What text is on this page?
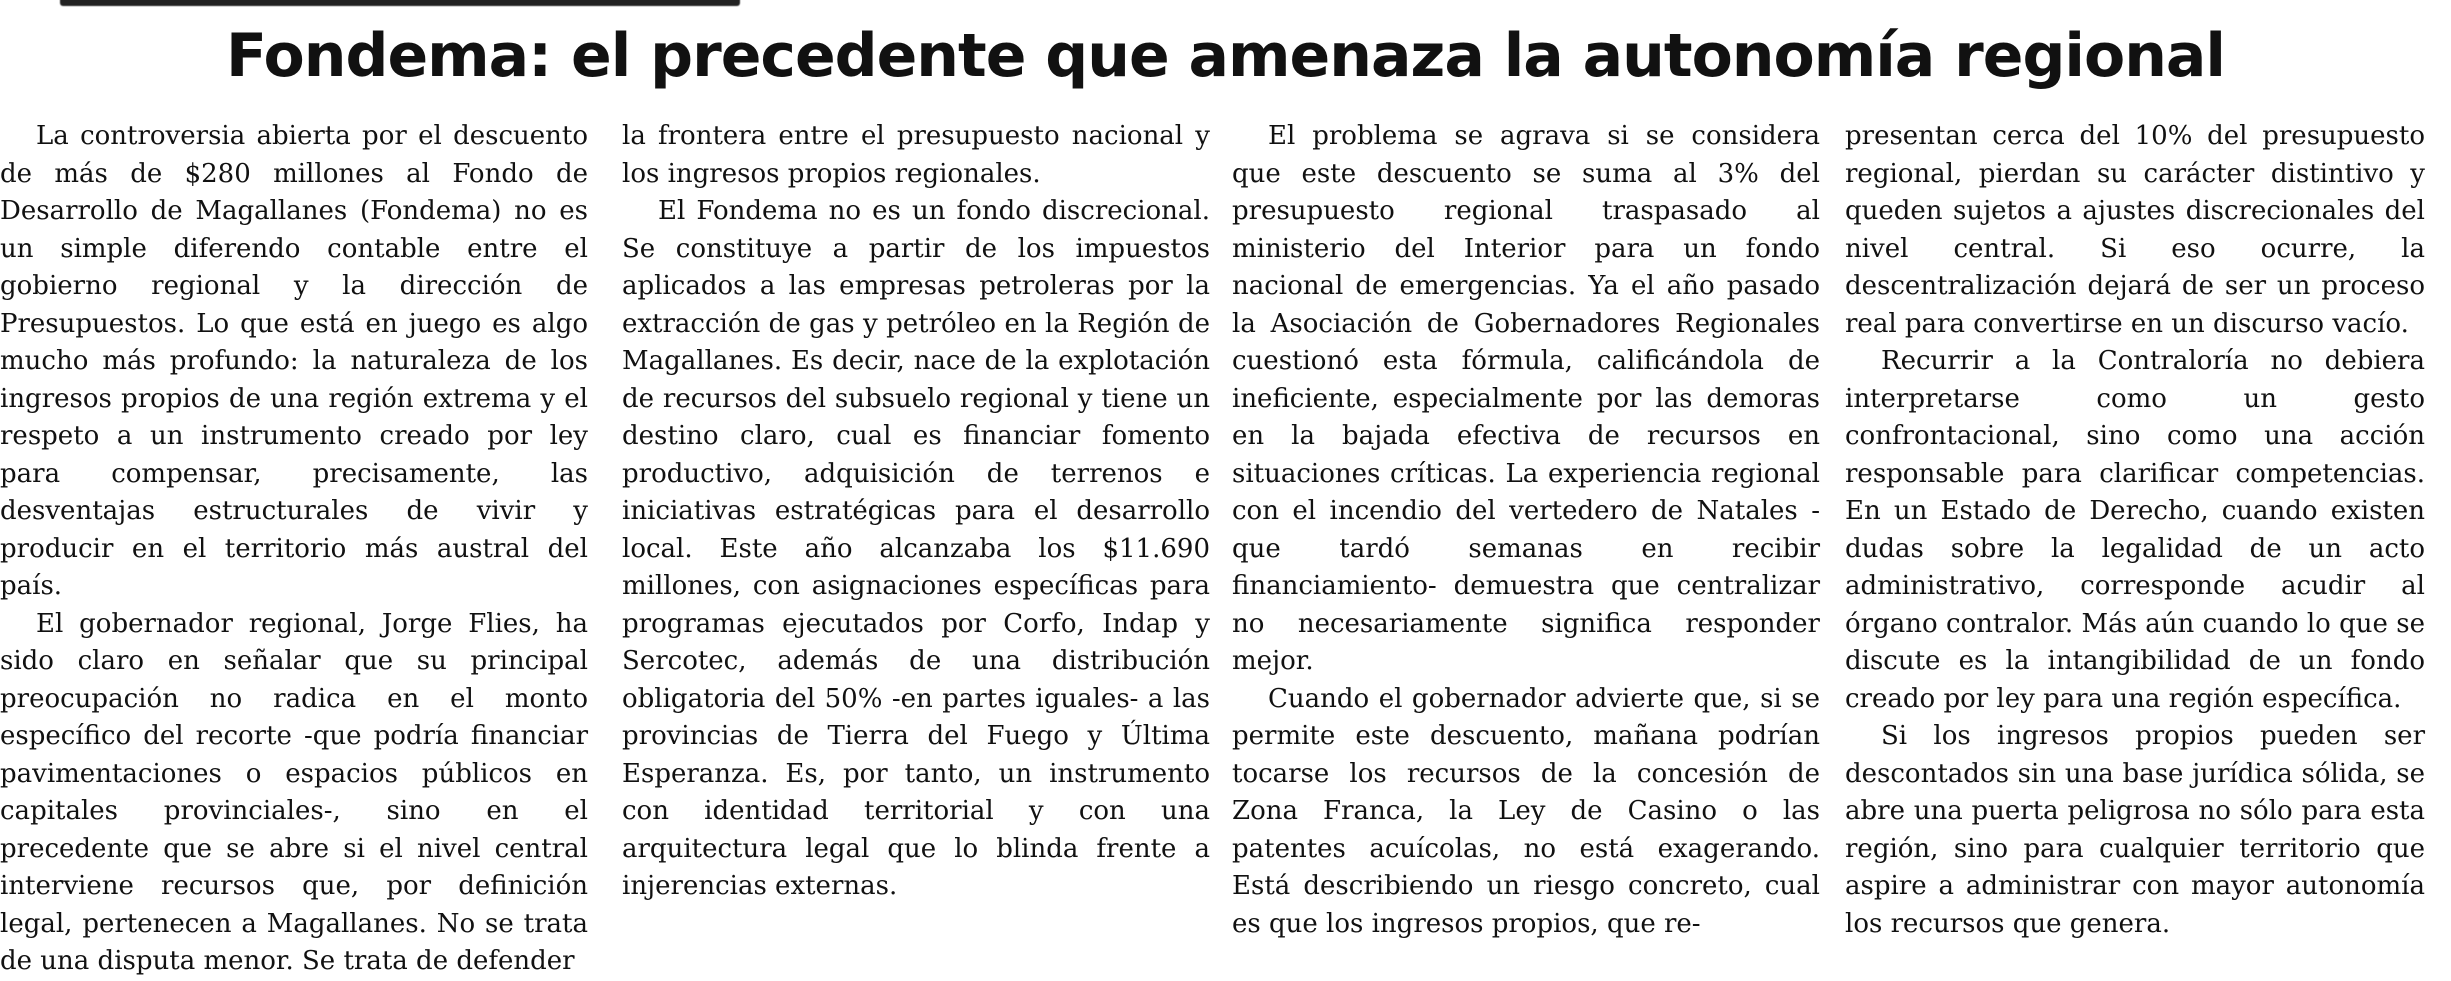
Fondema: el precedente que amenaza la autonomía regional

La controversia abierta por el descuento de más de $280 millones al Fondo de Desarrollo de Magallanes (Fondema) no es un simple diferendo contable entre el gobierno regional y la dirección de Presupuestos. Lo que está en juego es algo mucho más profundo: la naturaleza de los ingresos propios de una región extrema y el respeto a un instrumento creado por ley para compensar, precisamente, las desventajas estructurales de vivir y producir en el territorio más austral del país.

El gobernador regional, Jorge Flies, ha sido claro en señalar que su principal preocupación no radica en el monto específico del recorte -que podría financiar pavimentaciones o espacios públicos en capitales provinciales-, sino en el precedente que se abre si el nivel central interviene recursos que, por definición legal, pertenecen a Magallanes. No se trata de una disputa menor. Se trata de defender

la frontera entre el presupuesto nacional y los ingresos propios regionales.

El Fondema no es un fondo discrecional. Se constituye a partir de los impuestos aplicados a las empresas petroleras por la extracción de gas y petróleo en la Región de Magallanes. Es decir, nace de la explotación de recursos del subsuelo regional y tiene un destino claro, cual es financiar fomento productivo, adquisición de terrenos e iniciativas estratégicas para el desarrollo local. Este año alcanzaba los $11.690 millones, con asignaciones específicas para programas ejecutados por Corfo, Indap y Sercotec, además de una distribución obligatoria del 50% -en partes iguales- a las provincias de Tierra del Fuego y Última Esperanza. Es, por tanto, un instrumento con identidad territorial y con una arquitectura legal que lo blinda frente a injerencias externas.

El problema se agrava si se considera que este descuento se suma al 3% del presupuesto regional traspasado al ministerio del Interior para un fondo nacional de emergencias. Ya el año pasado la Asociación de Gobernadores Regionales cuestionó esta fórmula, calificándola de ineficiente, especialmente por las demoras en la bajada efectiva de recursos en situaciones críticas. La experiencia regional con el incendio del vertedero de Natales -que tardó semanas en recibir financiamiento- demuestra que centralizar no necesariamente significa responder mejor.

Cuando el gobernador advierte que, si se permite este descuento, mañana podrían tocarse los recursos de la concesión de Zona Franca, la Ley de Casino o las patentes acuícolas, no está exagerando. Está describiendo un riesgo concreto, cual es que los ingresos propios, que re-

presentan cerca del 10% del presupuesto regional, pierdan su carácter distintivo y queden sujetos a ajustes discrecionales del nivel central. Si eso ocurre, la descentralización dejará de ser un proceso real para convertirse en un discurso vacío.

Recurrir a la Contraloría no debiera interpretarse como un gesto confrontacional, sino como una acción responsable para clarificar competencias. En un Estado de Derecho, cuando existen dudas sobre la legalidad de un acto administrativo, corresponde acudir al órgano contralor. Más aún cuando lo que se discute es la intangibilidad de un fondo creado por ley para una región específica.

Si los ingresos propios pueden ser descontados sin una base jurídica sólida, se abre una puerta peligrosa no sólo para esta región, sino para cualquier territorio que aspire a administrar con mayor autonomía los recursos que genera.
